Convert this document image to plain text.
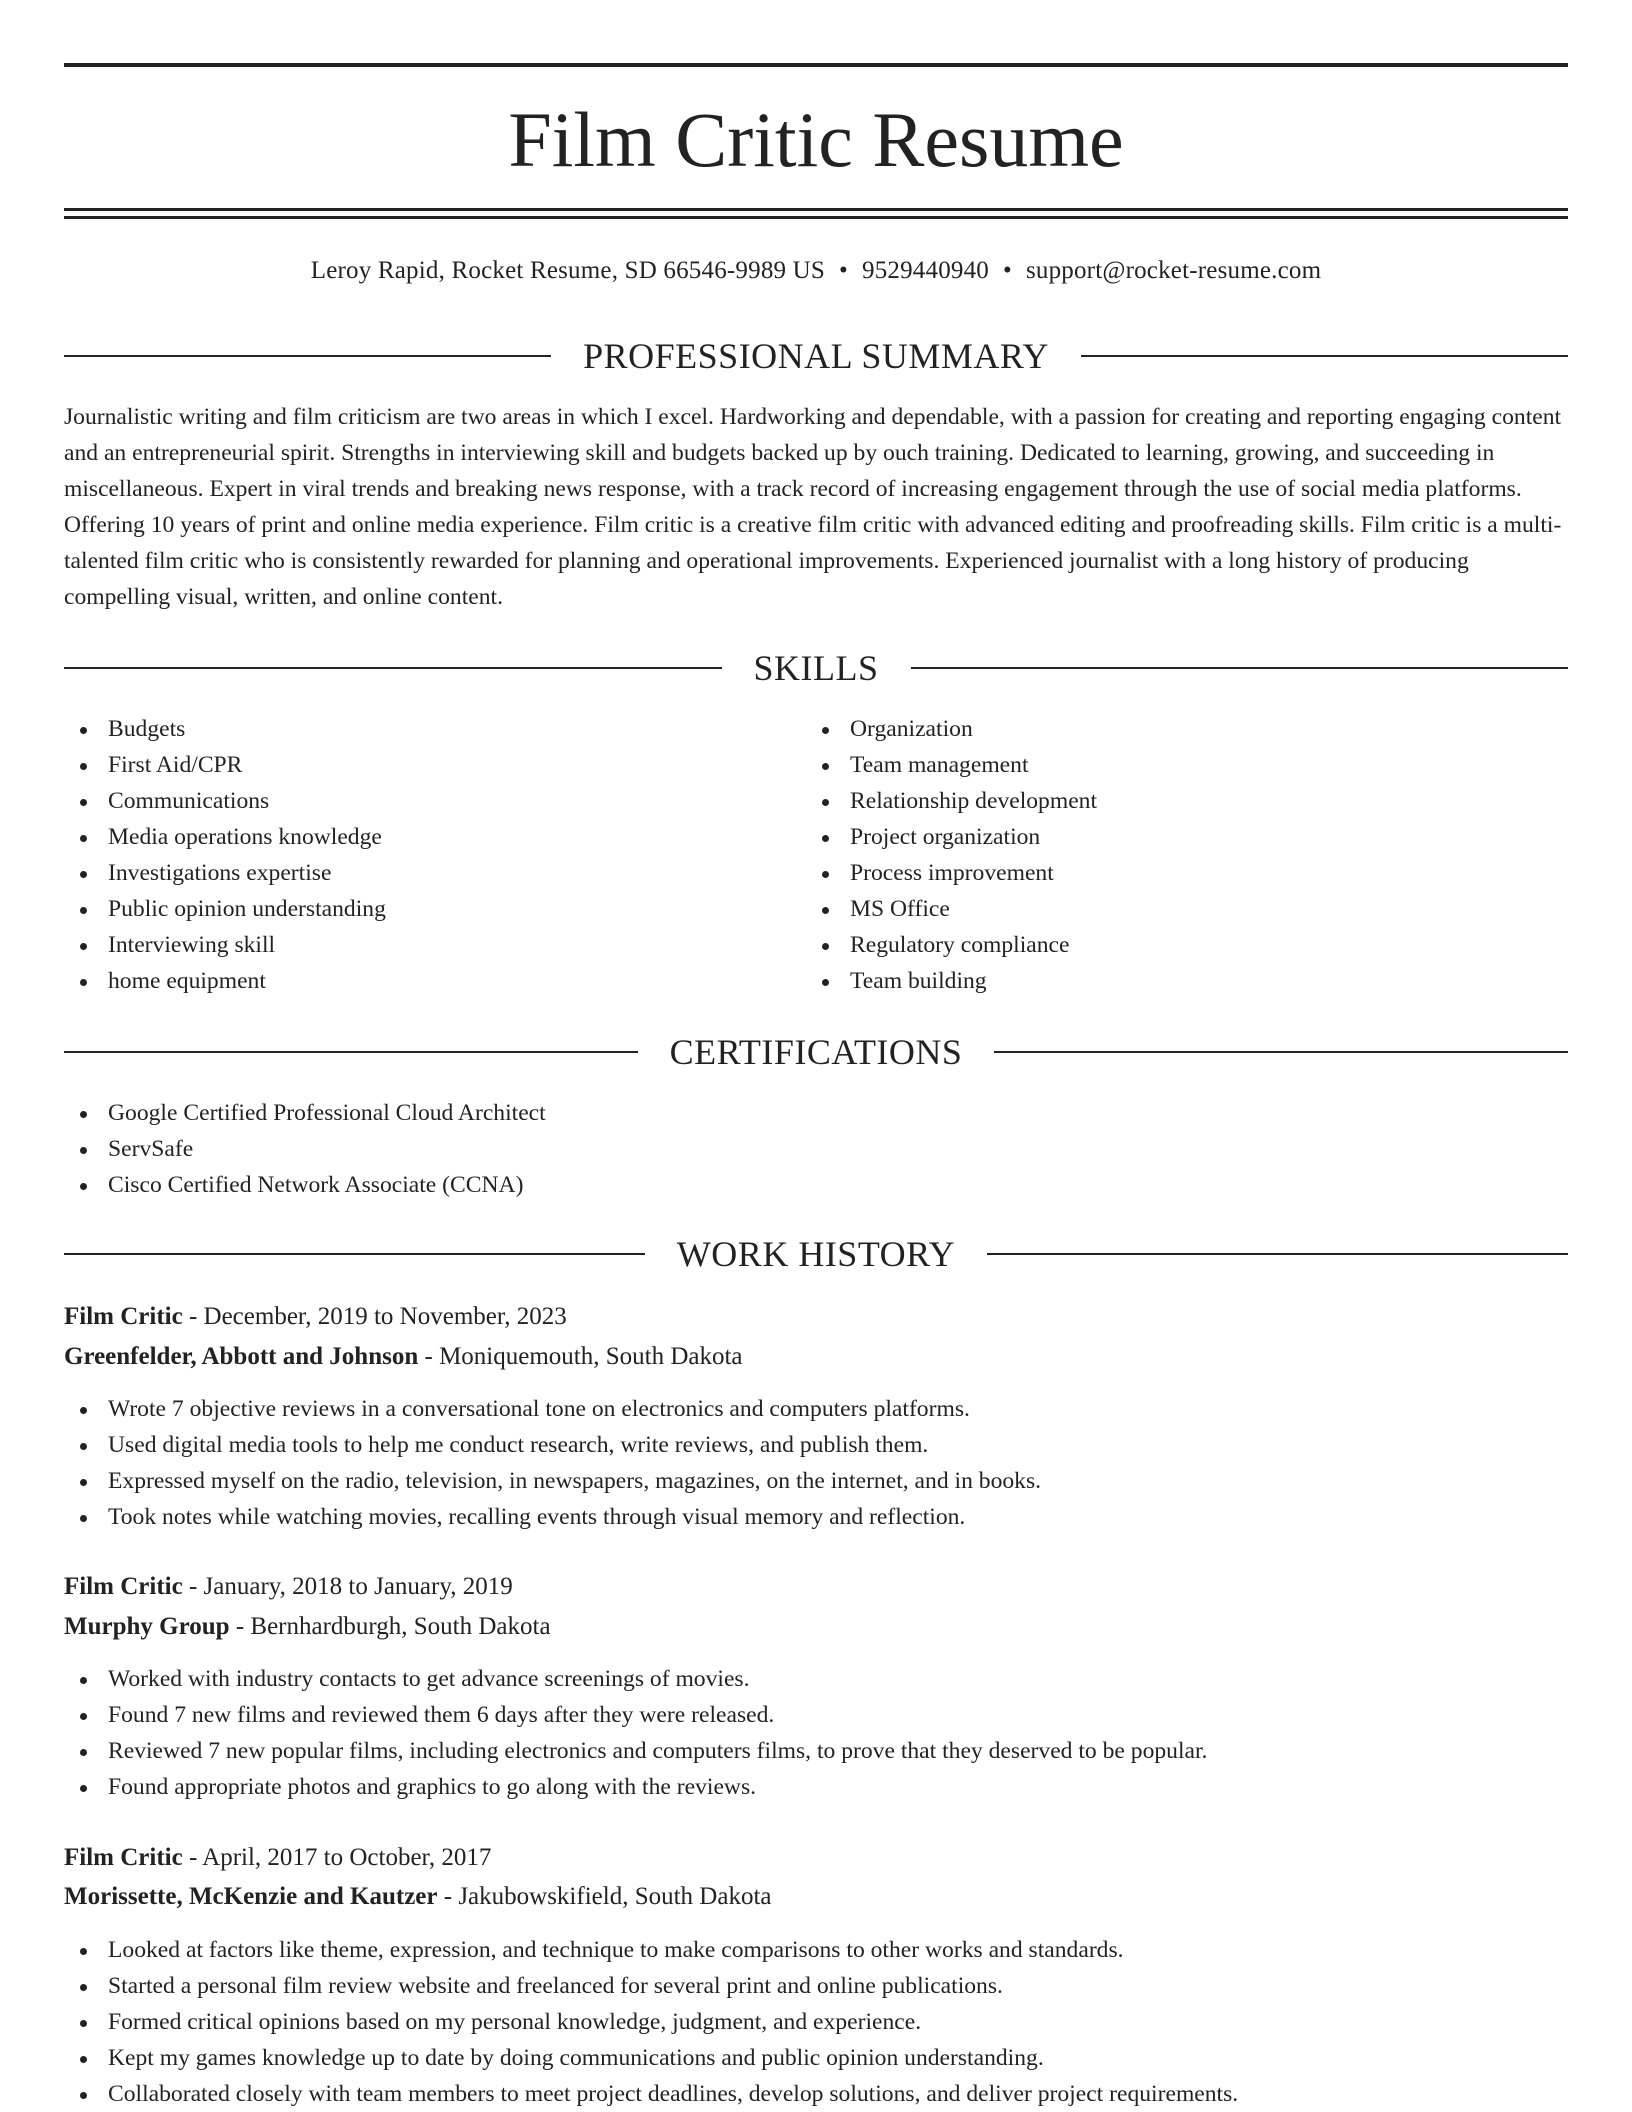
Film Critic Resume
Leroy Rapid, Rocket Resume, SD 66546-9989 US • 9529440940 • support@rocket-resume.com
PROFESSIONAL SUMMARY

Journalistic writing and film criticism are two areas in which I excel. Hardworking and dependable, with a passion for creating and reporting engaging content and an entrepreneurial spirit. Strengths in interviewing skill and budgets backed up by ouch training. Dedicated to learning, growing, and succeeding in miscellaneous. Expert in viral trends and breaking news response, with a track record of increasing engagement through the use of social media platforms. Offering 10 years of print and online media experience. Film critic is a creative film critic with advanced editing and proofreading skills. Film critic is a multi-talented film critic who is consistently rewarded for planning and operational improvements. Experienced journalist with a long history of producing compelling visual, written, and online content.

SKILLS
Budgets
First Aid/CPR
Communications
Media operations knowledge
Investigations expertise
Public opinion understanding
Interviewing skill
home equipment
Organization
Team management
Relationship development
Project organization
Process improvement
MS Office
Regulatory compliance
Team building
CERTIFICATIONS
Google Certified Professional Cloud Architect
ServSafe
Cisco Certified Network Associate (CCNA)
WORK HISTORY
Film Critic - December, 2019 to November, 2023
Greenfelder, Abbott and Johnson - Moniquemouth, South Dakota
Wrote 7 objective reviews in a conversational tone on electronics and computers platforms.
Used digital media tools to help me conduct research, write reviews, and publish them.
Expressed myself on the radio, television, in newspapers, magazines, on the internet, and in books.
Took notes while watching movies, recalling events through visual memory and reflection.
Film Critic - January, 2018 to January, 2019
Murphy Group - Bernhardburgh, South Dakota
Worked with industry contacts to get advance screenings of movies.
Found 7 new films and reviewed them 6 days after they were released.
Reviewed 7 new popular films, including electronics and computers films, to prove that they deserved to be popular.
Found appropriate photos and graphics to go along with the reviews.
Film Critic - April, 2017 to October, 2017
Morissette, McKenzie and Kautzer - Jakubowskifield, South Dakota
Looked at factors like theme, expression, and technique to make comparisons to other works and standards.
Started a personal film review website and freelanced for several print and online publications.
Formed critical opinions based on my personal knowledge, judgment, and experience.
Kept my games knowledge up to date by doing communications and public opinion understanding.
Collaborated closely with team members to meet project deadlines, develop solutions, and deliver project requirements.
